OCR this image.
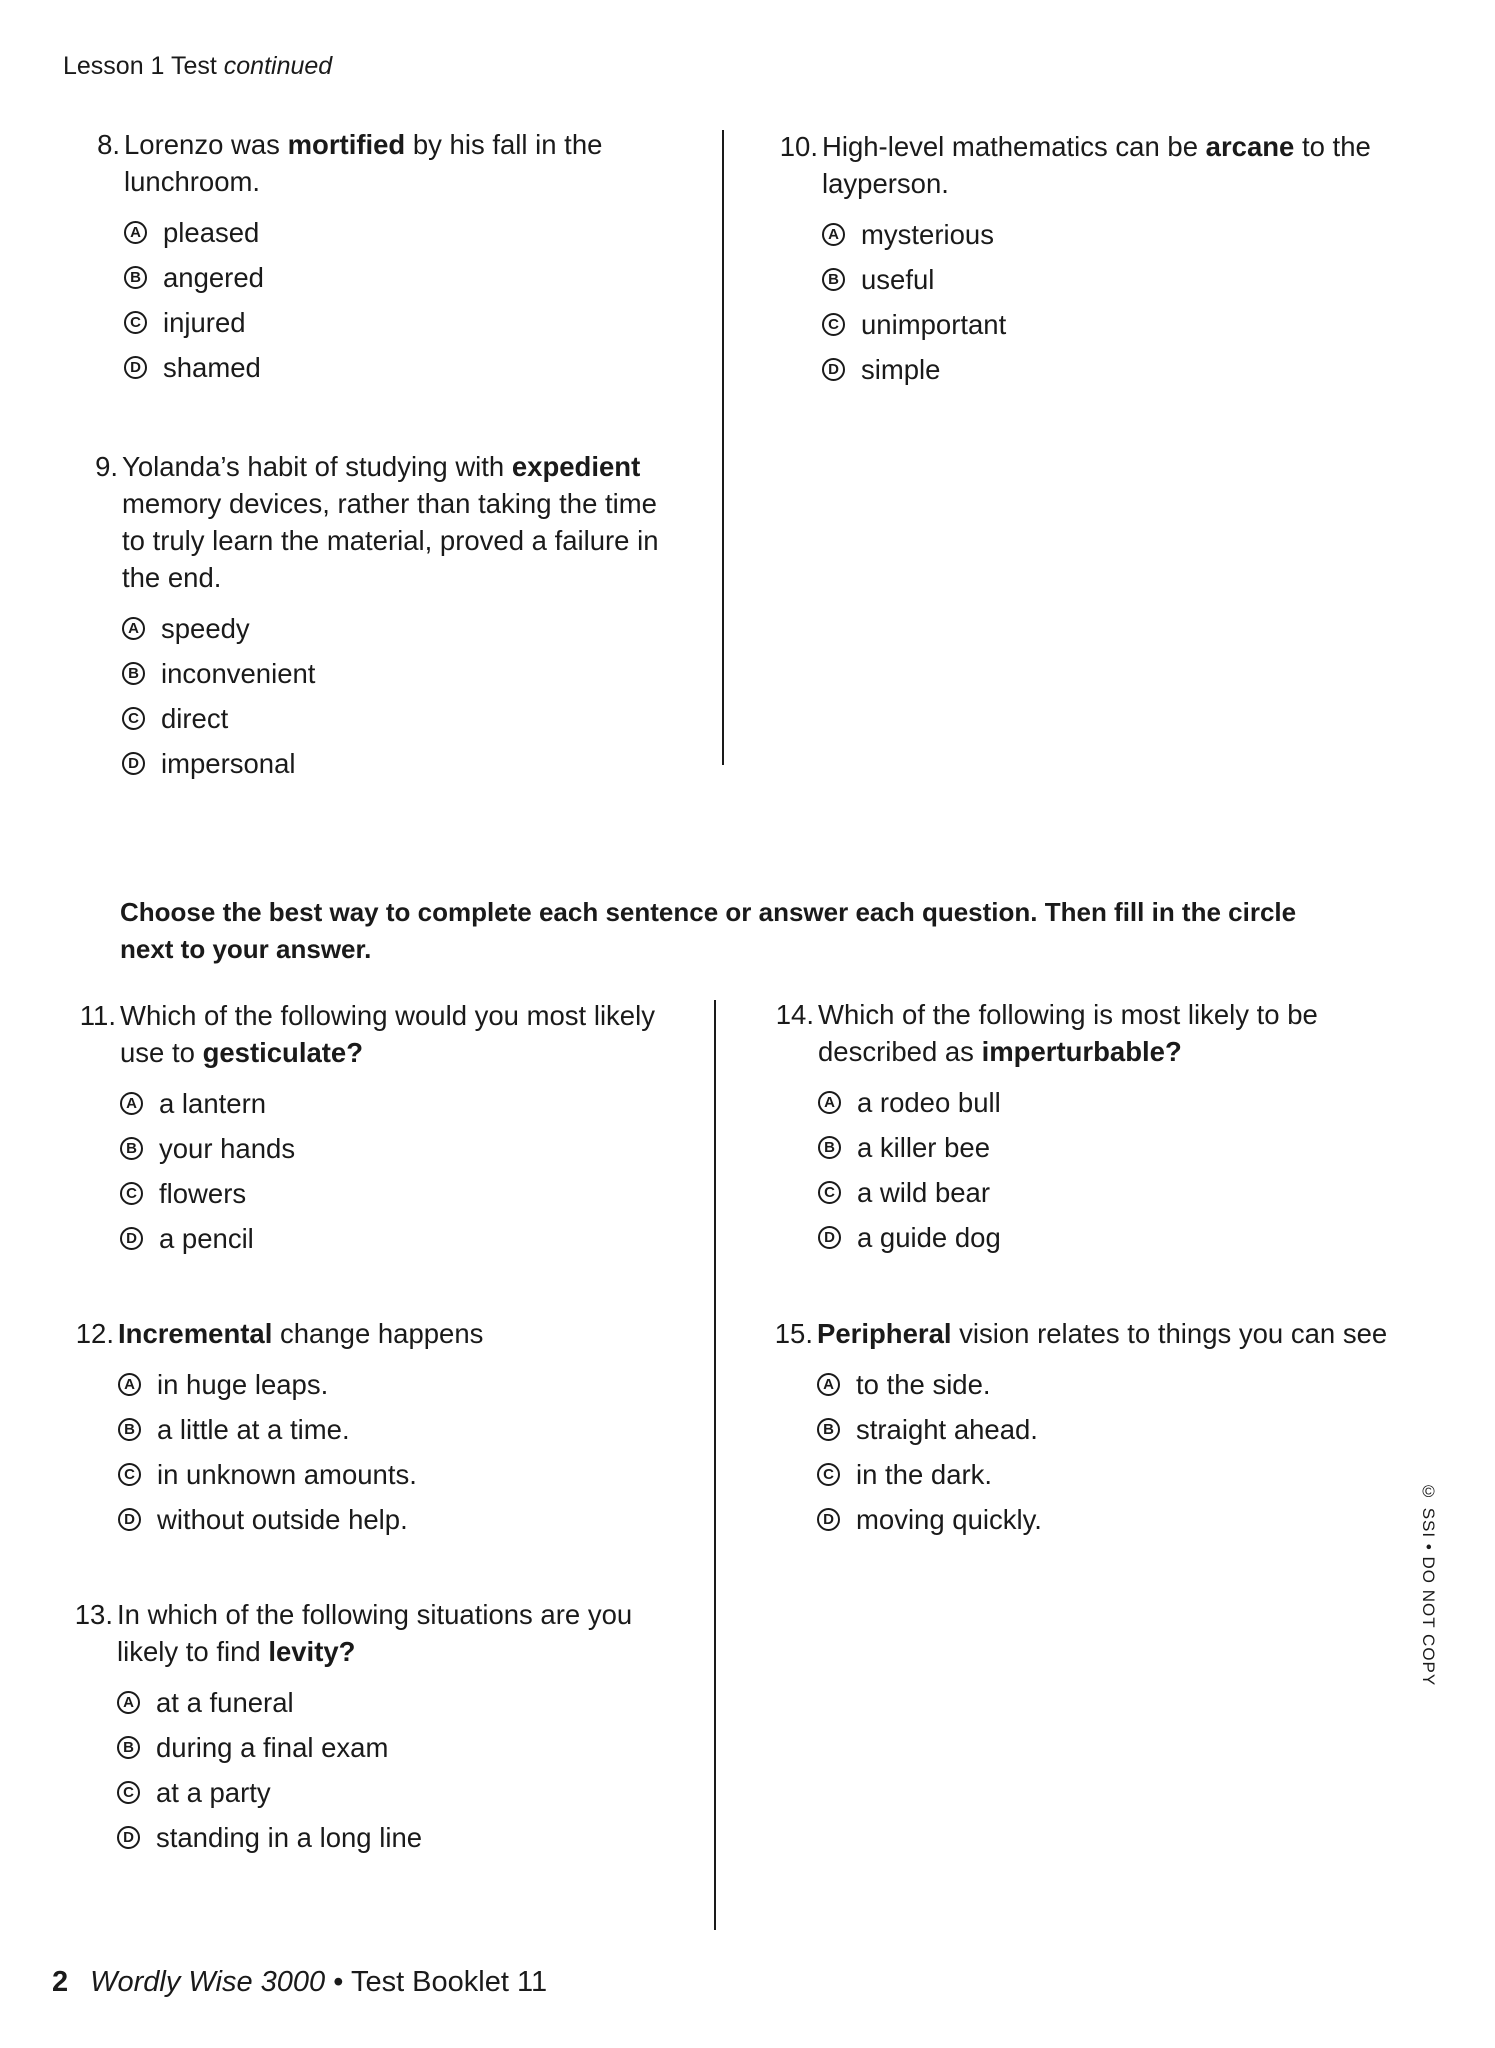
Lesson 1 Test continued
8. Lorenzo was mortified by his fall in the lunchroom.
A pleased
B angered
C injured
D shamed
9. Yolanda’s habit of studying with expedient memory devices, rather than taking the time to truly learn the material, proved a failure in the end.
A speedy
B inconvenient
C direct
D impersonal
10. High-level mathematics can be arcane to the layperson.
A mysterious
B useful
C unimportant
D simple
Choose the best way to complete each sentence or answer each question. Then fill in the circle next to your answer.
11. Which of the following would you most likely use to gesticulate?
A a lantern
B your hands
C flowers
D a pencil
12. Incremental change happens
A in huge leaps.
B a little at a time.
C in unknown amounts.
D without outside help.
13. In which of the following situations are you likely to find levity?
A at a funeral
B during a final exam
C at a party
D standing in a long line
14. Which of the following is most likely to be described as imperturbable?
A a rodeo bull
B a killer bee
C a wild bear
D a guide dog
15. Peripheral vision relates to things you can see
A to the side.
B straight ahead.
C in the dark.
D moving quickly.	© SSI • DO NOT COPY
2 Wordly Wise 3000 • Test Booklet 11
